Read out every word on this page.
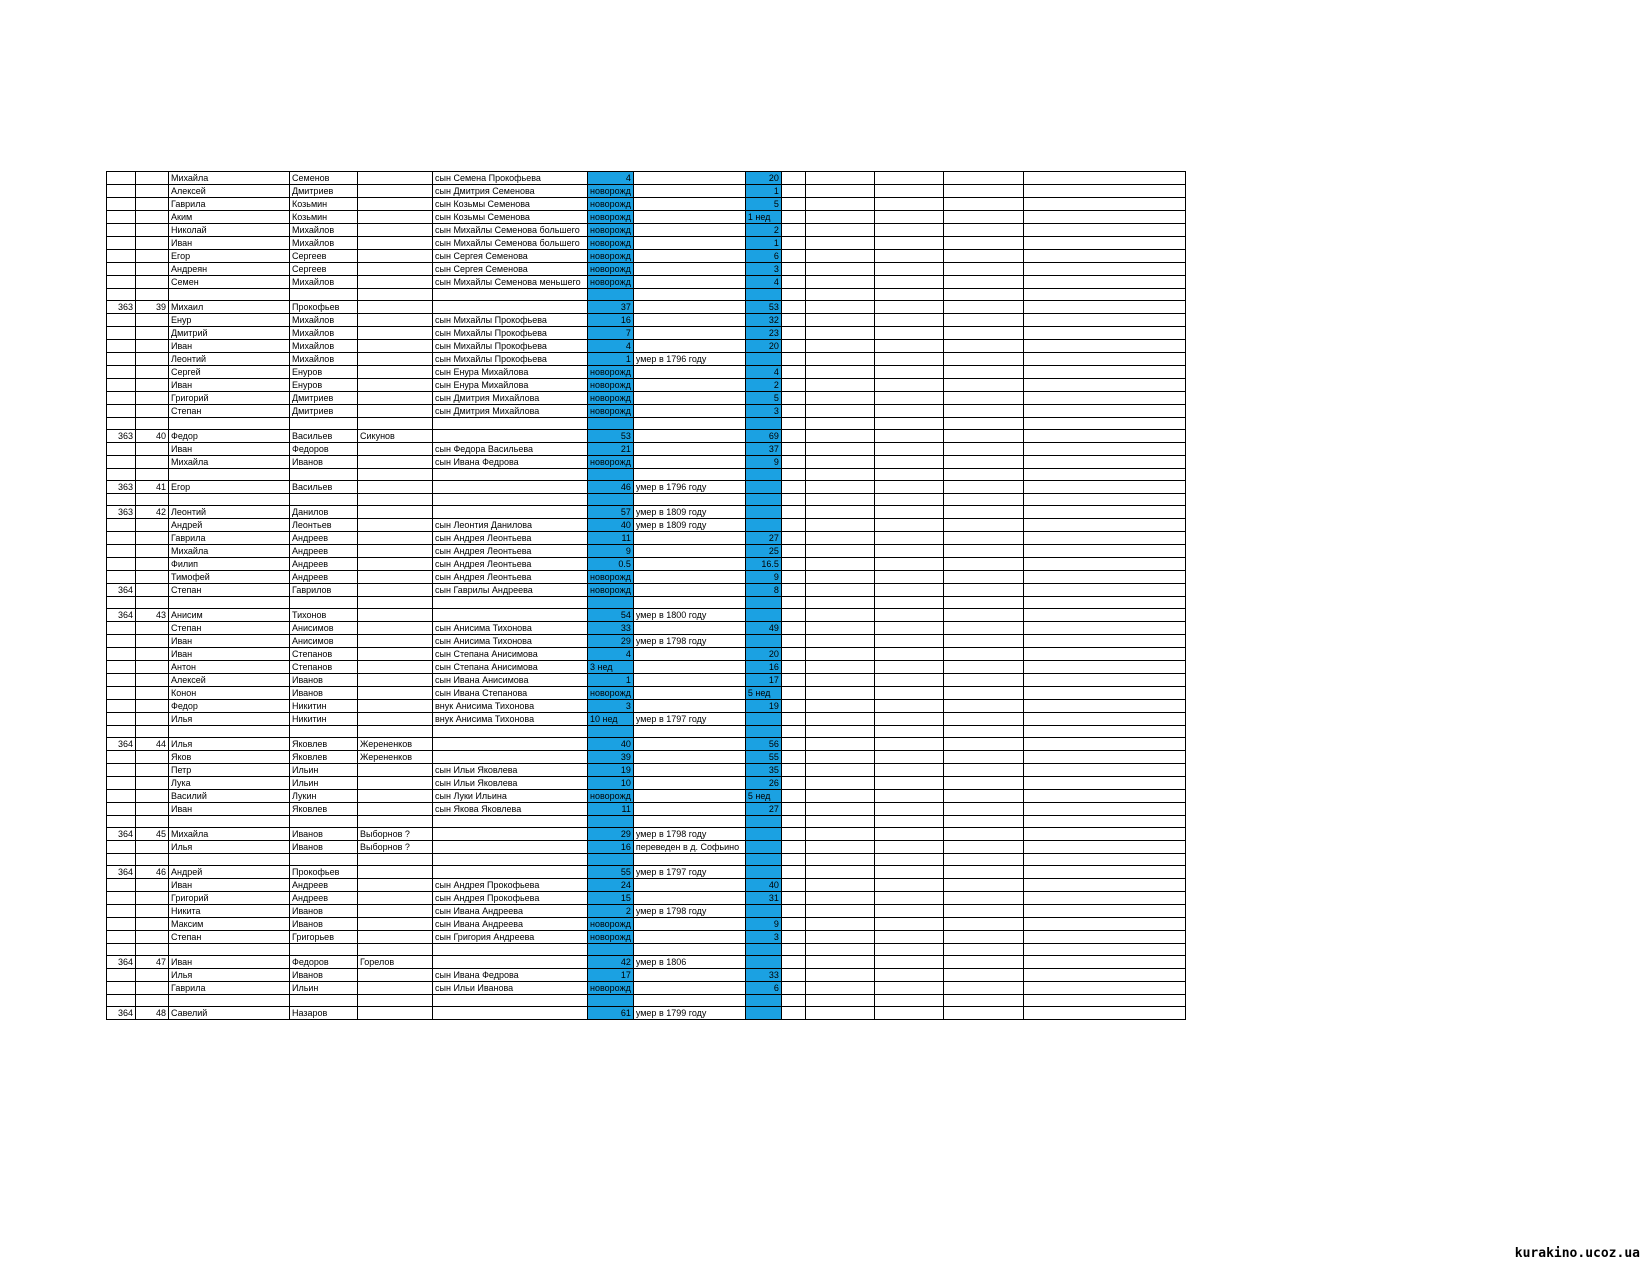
		Михайла	Семенов		сын Семена Прокофьева	4		20					
		Алексей	Дмитриев		сын Дмитрия Семенова	новорожд		1					
		Гаврила	Козьмин		сын Козьмы Семенова	новорожд		5					
		Аким	Козьмин		сын Козьмы Семенова	новорожд		1 нед					
		Николай	Михайлов		сын Михайлы Семенова большего	новорожд		2					
		Иван	Михайлов		сын Михайлы Семенова большего	новорожд		1					
		Егор	Сергеев		сын Сергея Семенова	новорожд		6					
		Андреян	Сергеев		сын Сергея Семенова	новорожд		3					
		Семен	Михайлов		сын Михайлы Семенова меньшего	новорожд		4					

363	39	Михаил	Прокофьев			37		53					
		Енур	Михайлов		сын Михайлы Прокофьева	16		32					
		Дмитрий	Михайлов		сын Михайлы Прокофьева	7		23					
		Иван	Михайлов		сын Михайлы Прокофьева	4		20					
		Леонтий	Михайлов		сын Михайлы Прокофьева	1	умер в 1796 году						
		Сергей	Енуров		сын Енура Михайлова	новорожд		4					
		Иван	Енуров		сын Енура Михайлова	новорожд		2					
		Григорий	Дмитриев		сын Дмитрия Михайлова	новорожд		5					
		Степан	Дмитриев		сын Дмитрия Михайлова	новорожд		3					

363	40	Федор	Васильев	Сикунов		53		69					
		Иван	Федоров		сын Федора Васильева	21		37					
		Михайла	Иванов		сын Ивана Федрова	новорожд		9					

363	41	Егор	Васильев			46	умер в 1796 году						

363	42	Леонтий	Данилов			57	умер в 1809 году						
		Андрей	Леонтьев		сын Леонтия Данилова	40	умер в 1809 году						
		Гаврила	Андреев		сын Андрея Леонтьева	11		27					
		Михайла	Андреев		сын Андрея Леонтьева	9		25					
		Филип	Андреев		сын Андрея Леонтьева	0.5		16.5					
		Тимофей	Андреев		сын Андрея Леонтьева	новорожд		9					
364		Степан	Гаврилов		сын Гаврилы Андреева	новорожд		8					

364	43	Анисим	Тихонов			54	умер в 1800 году						
		Степан	Анисимов		сын Анисима Тихонова	33		49					
		Иван	Анисимов		сын Анисима Тихонова	29	умер в 1798 году						
		Иван	Степанов		сын Степана Анисимова	4		20					
		Антон	Степанов		сын Степана Анисимова	3 нед		16					
		Алексей	Иванов		сын Ивана Анисимова	1		17					
		Конон	Иванов		сын Ивана Степанова	новорожд		5 нед					
		Федор	Никитин		внук Анисима Тихонова	3		19					
		Илья	Никитин		внук Анисима Тихонова	10 нед	умер в 1797 году						

364	44	Илья	Яковлев	Жерененков		40		56					
		Яков	Яковлев	Жерененков		39		55					
		Петр	Ильин		сын Ильи Яковлева	19		35					
		Лука	Ильин		сын Ильи Яковлева	10		26					
		Василий	Лукин		сын Луки Ильина	новорожд		5 нед					
		Иван	Яковлев		сын Якова Яковлева	11		27					

364	45	Михайла	Иванов	Выборнов ?		29	умер в 1798 году						
		Илья	Иванов	Выборнов ?		16	переведен в д. Софьино						

364	46	Андрей	Прокофьев			55	умер в 1797 году						
		Иван	Андреев		сын Андрея Прокофьева	24		40					
		Григорий	Андреев		сын Андрея Прокофьева	15		31					
		Никита	Иванов		сын Ивана Андреева	2	умер в 1798 году						
		Максим	Иванов		сын Ивана Андреева	новорожд		9					
		Степан	Григорьев		сын Григория Андреева	новорожд		3					

364	47	Иван	Федоров	Горелов		42	умер в 1806						
		Илья	Иванов		сын Ивана Федрова	17		33					
		Гаврила	Ильин		сын Ильи Иванова	новорожд		6					

364	48	Савелий	Назаров			61	умер в 1799 году						
kurakino.ucoz.ua
